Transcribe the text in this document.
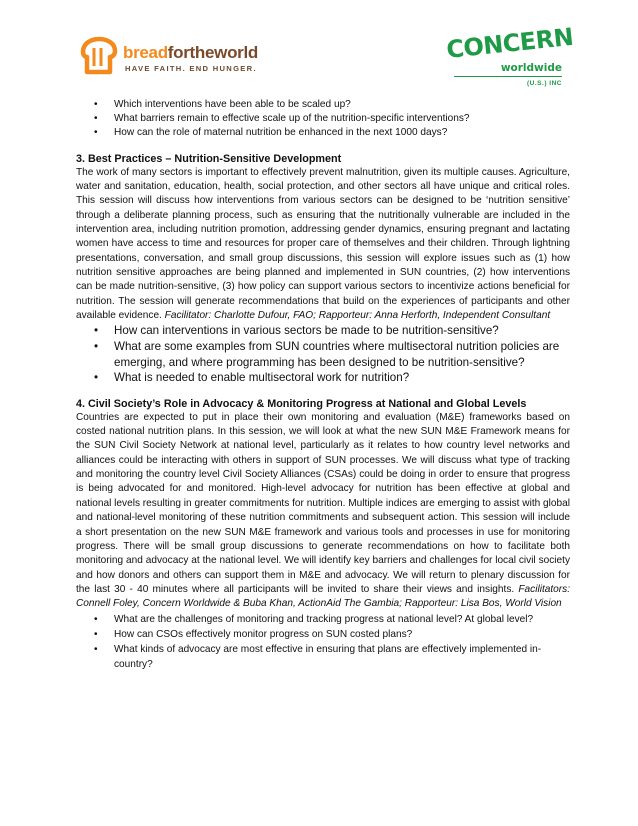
breadfortheworld
HAVE FAITH. END HUNGER.
CONCERN
worldwide
(U.S.) INC
• Which interventions have been able to be scaled up?
• What barriers remain to effective scale up of the nutrition-specific interventions?
• How can the role of maternal nutrition be enhanced in the next 1000 days?

3. Best Practices – Nutrition-Sensitive Development

The work of many sectors is important to effectively prevent malnutrition, given its multiple causes. Agriculture, water and sanitation, education, health, social protection, and other sectors all have unique and critical roles. This session will discuss how interventions from various sectors can be designed to be ‘nutrition sensitive’ through a deliberate planning process, such as ensuring that the nutritionally vulnerable are included in the intervention area, including nutrition promotion, addressing gender dynamics, ensuring pregnant and lactating women have access to time and resources for proper care of themselves and their children. Through lightning presentations, conversation, and small group discussions, this session will explore issues such as (1) how nutrition sensitive approaches are being planned and implemented in SUN countries, (2) how interventions can be made nutrition-sensitive, (3) how policy can support various sectors to incentivize actions beneficial for nutrition. The session will generate recommendations that build on the experiences of participants and other available evidence. Facilitator: Charlotte Dufour, FAO; Rapporteur: Anna Herforth, Independent Consultant

• How can interventions in various sectors be made to be nutrition-sensitive?
• What are some examples from SUN countries where multisectoral nutrition policies are emerging, and where programming has been designed to be nutrition-sensitive?
• What is needed to enable multisectoral work for nutrition?

4. Civil Society’s Role in Advocacy & Monitoring Progress at National and Global Levels

Countries are expected to put in place their own monitoring and evaluation (M&E) frameworks based on costed national nutrition plans. In this session, we will look at what the new SUN M&E Framework means for the SUN Civil Society Network at national level, particularly as it relates to how country level networks and alliances could be interacting with others in support of SUN processes. We will discuss what type of tracking and monitoring the country level Civil Society Alliances (CSAs) could be doing in order to ensure that progress is being advocated for and monitored. High-level advocacy for nutrition has been effective at global and national levels resulting in greater commitments for nutrition. Multiple indices are emerging to assist with global and national-level monitoring of these nutrition commitments and subsequent action. This session will include a short presentation on the new SUN M&E framework and various tools and processes in use for monitoring progress. There will be small group discussions to generate recommendations on how to facilitate both monitoring and advocacy at the national level. We will identify key barriers and challenges for local civil society and how donors and others can support them in M&E and advocacy. We will return to plenary discussion for the last 30 - 40 minutes where all participants will be invited to share their views and insights. Facilitators: Connell Foley, Concern Worldwide & Buba Khan, ActionAid The Gambia; Rapporteur: Lisa Bos, World Vision

• What are the challenges of monitoring and tracking progress at national level? At global level?
• How can CSOs effectively monitor progress on SUN costed plans?
• What kinds of advocacy are most effective in ensuring that plans are effectively implemented in-country?
